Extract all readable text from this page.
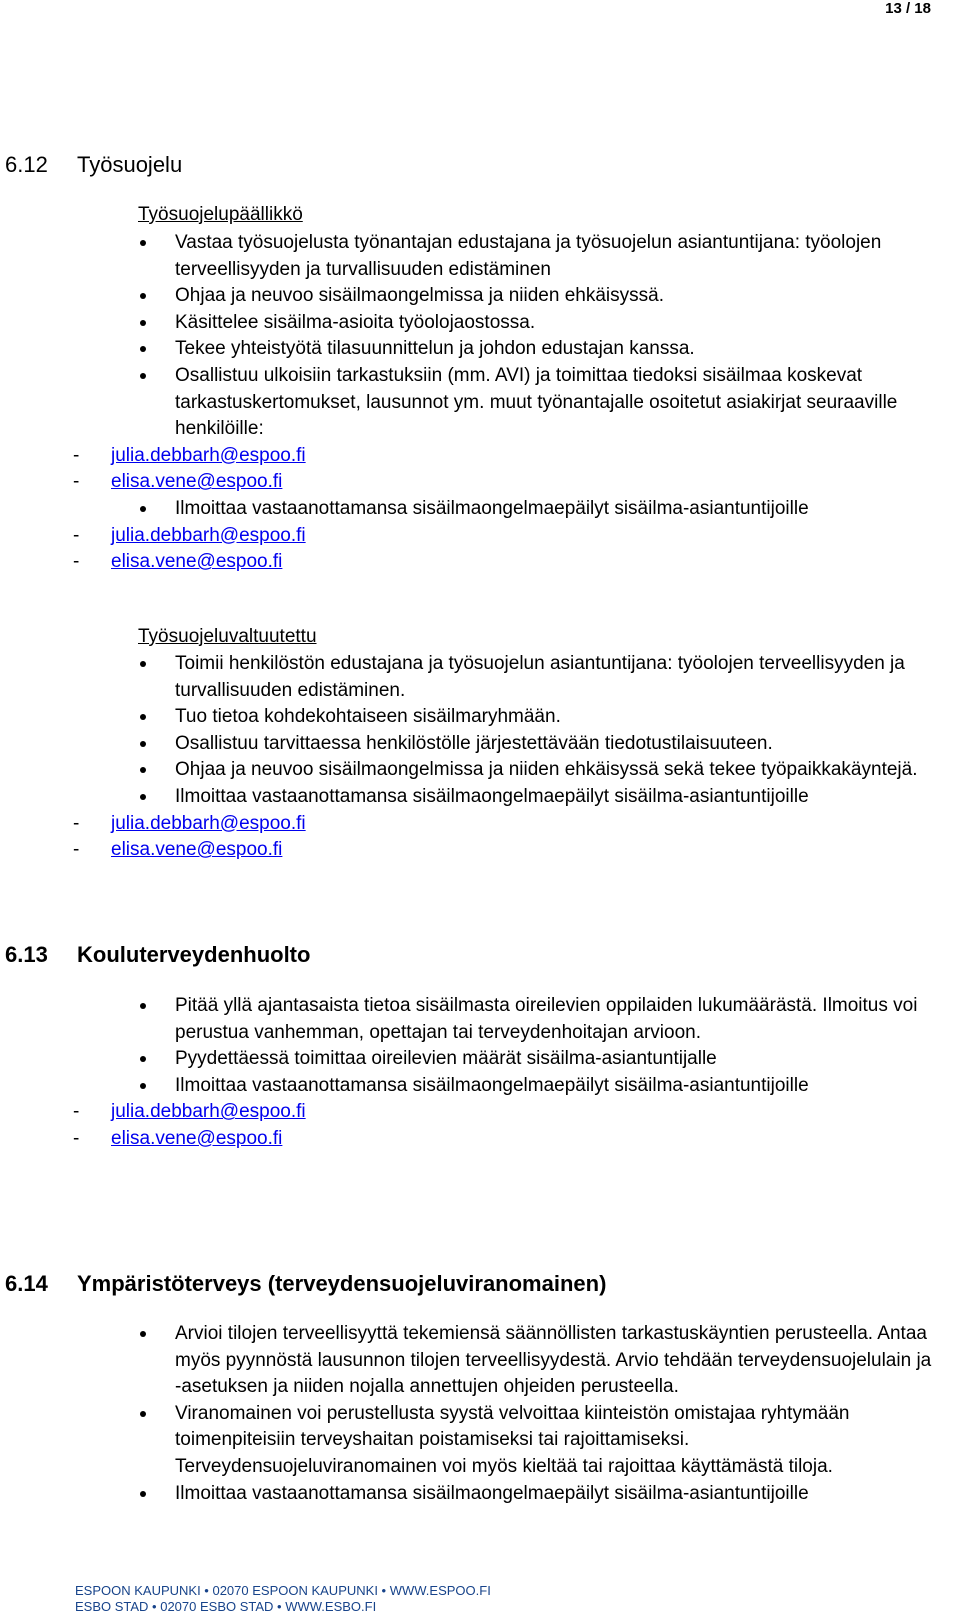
13 / 18
6.12 Työsuojelu
Työsuojelupäällikkö
Vastaa työsuojelusta työnantajan edustajana ja työsuojelun asiantuntijana: työolojen terveellisyyden ja turvallisuuden edistäminen
Ohjaa ja neuvoo sisäilmaongelmissa ja niiden ehkäisyssä.
Käsittelee sisäilma-asioita työolojaostossa.
Tekee yhteistyötä tilasuunnittelun ja johdon edustajan kanssa.
Osallistuu ulkoisiin tarkastuksiin (mm. AVI) ja toimittaa tiedoksi sisäilmaa koskevat tarkastuskertomukset, lausunnot ym. muut työnantajalle osoitetut asiakirjat seuraaville henkilöille:
- julia.debbarh@espoo.fi
- elisa.vene@espoo.fi
Ilmoittaa vastaanottamansa sisäilmaongelmaepäilyt sisäilma-asiantuntijoille
- julia.debbarh@espoo.fi
- elisa.vene@espoo.fi
Työsuojeluvaltuutettu
Toimii henkilöstön edustajana ja työsuojelun asiantuntijana: työolojen terveellisyyden ja turvallisuuden edistäminen.
Tuo tietoa kohdekohtaiseen sisäilmaryhmään.
Osallistuu tarvittaessa henkilöstölle järjestettävään tiedotustilaisuuteen.
Ohjaa ja neuvoo sisäilmaongelmissa ja niiden ehkäisyssä sekä tekee työpaikkakäyntejä.
Ilmoittaa vastaanottamansa sisäilmaongelmaepäilyt sisäilma-asiantuntijoille
- julia.debbarh@espoo.fi
- elisa.vene@espoo.fi
6.13 Kouluterveydenhuolto
Pitää yllä ajantasaista tietoa sisäilmasta oireilevien oppilaiden lukumäärästä. Ilmoitus voi perustua vanhemman, opettajan tai terveydenhoitajan arvioon.
Pyydettäessä toimittaa oireilevien määrät sisäilma-asiantuntijalle
Ilmoittaa vastaanottamansa sisäilmaongelmaepäilyt sisäilma-asiantuntijoille
- julia.debbarh@espoo.fi
- elisa.vene@espoo.fi
6.14 Ympäristöterveys (terveydensuojeluviranomainen)
Arvioi tilojen terveellisyyttä tekemiensä säännöllisten tarkastuskäyntien perusteella. Antaa myös pyynnöstä lausunnon tilojen terveellisyydestä. Arvio tehdään terveydensuojelulain ja -asetuksen ja niiden nojalla annettujen ohjeiden perusteella.
Viranomainen voi perustellusta syystä velvoittaa kiinteistön omistajaa ryhtymään toimenpiteisiin terveyshaitan poistamiseksi tai rajoittamiseksi. Terveydensuojeluviranomainen voi myös kieltää tai rajoittaa käyttämästä tiloja.
Ilmoittaa vastaanottamansa sisäilmaongelmaepäilyt sisäilma-asiantuntijoille
ESPOON KAUPUNKI • 02070 ESPOON KAUPUNKI • WWW.ESPOO.FI
ESBO STAD • 02070 ESBO STAD • WWW.ESBO.FI
